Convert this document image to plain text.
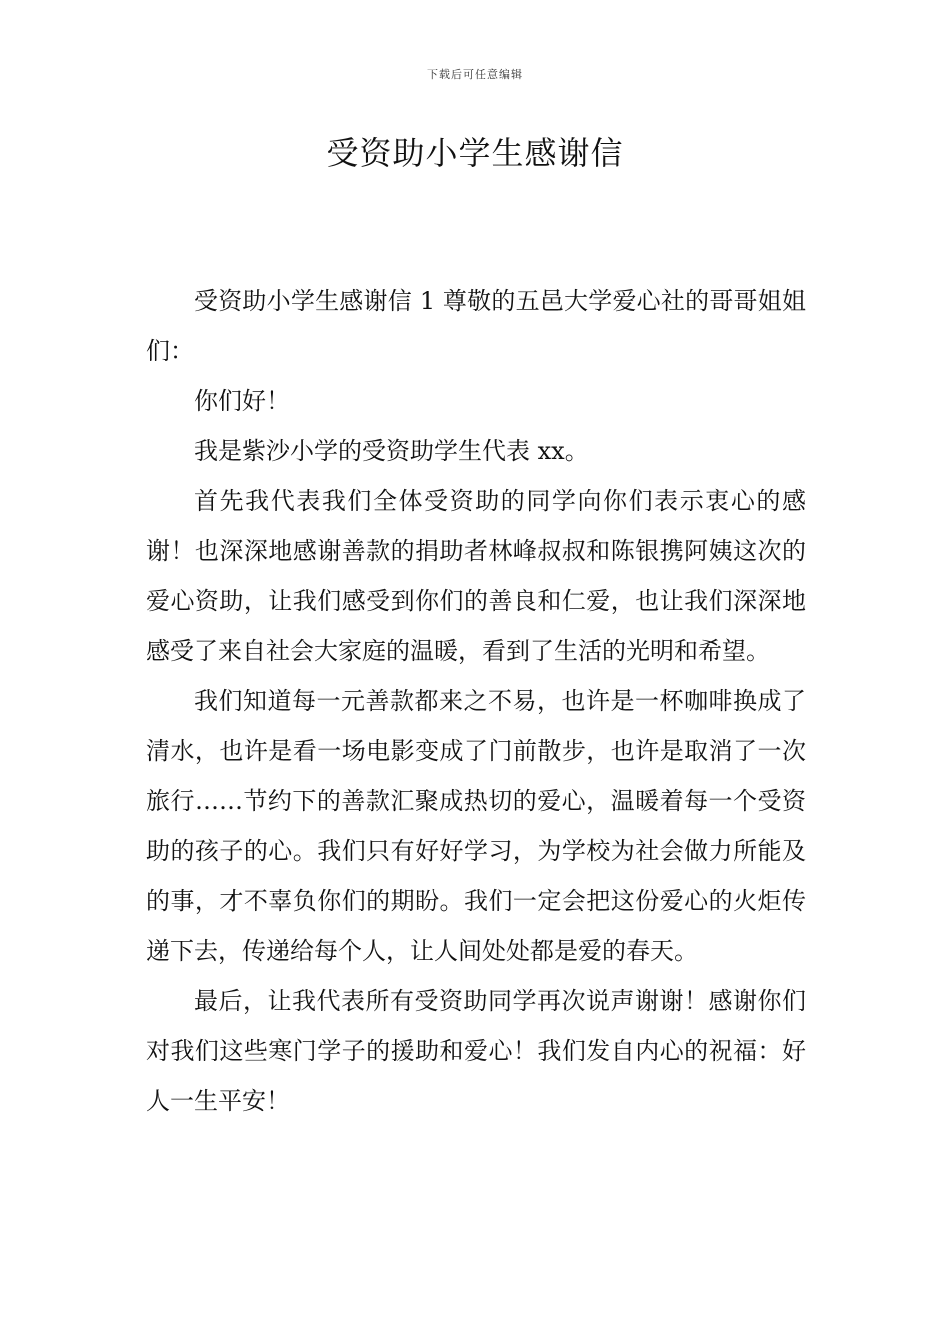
下载后可任意编辑
受资助小学生感谢信

受资助小学生感谢信 1 尊敬的五邑大学爱心社的哥哥姐姐们：

你们好！

我是紫沙小学的受资助学生代表 xx。

首先我代表我们全体受资助的同学向你们表示衷心的感谢！也深深地感谢善款的捐助者林峰叔叔和陈银携阿姨这次的爱心资助，让我们感受到你们的善良和仁爱，也让我们深深地感受了来自社会大家庭的温暖，看到了生活的光明和希望。

我们知道每一元善款都来之不易，也许是一杯咖啡换成了清水，也许是看一场电影变成了门前散步，也许是取消了一次旅行……节约下的善款汇聚成热切的爱心，温暖着每一个受资助的孩子的心。我们只有好好学习，为学校为社会做力所能及的事，才不辜负你们的期盼。我们一定会把这份爱心的火炬传递下去，传递给每个人，让人间处处都是爱的春天。

最后，让我代表所有受资助同学再次说声谢谢！感谢你们对我们这些寒门学子的援助和爱心！我们发自内心的祝福：好人一生平安！
